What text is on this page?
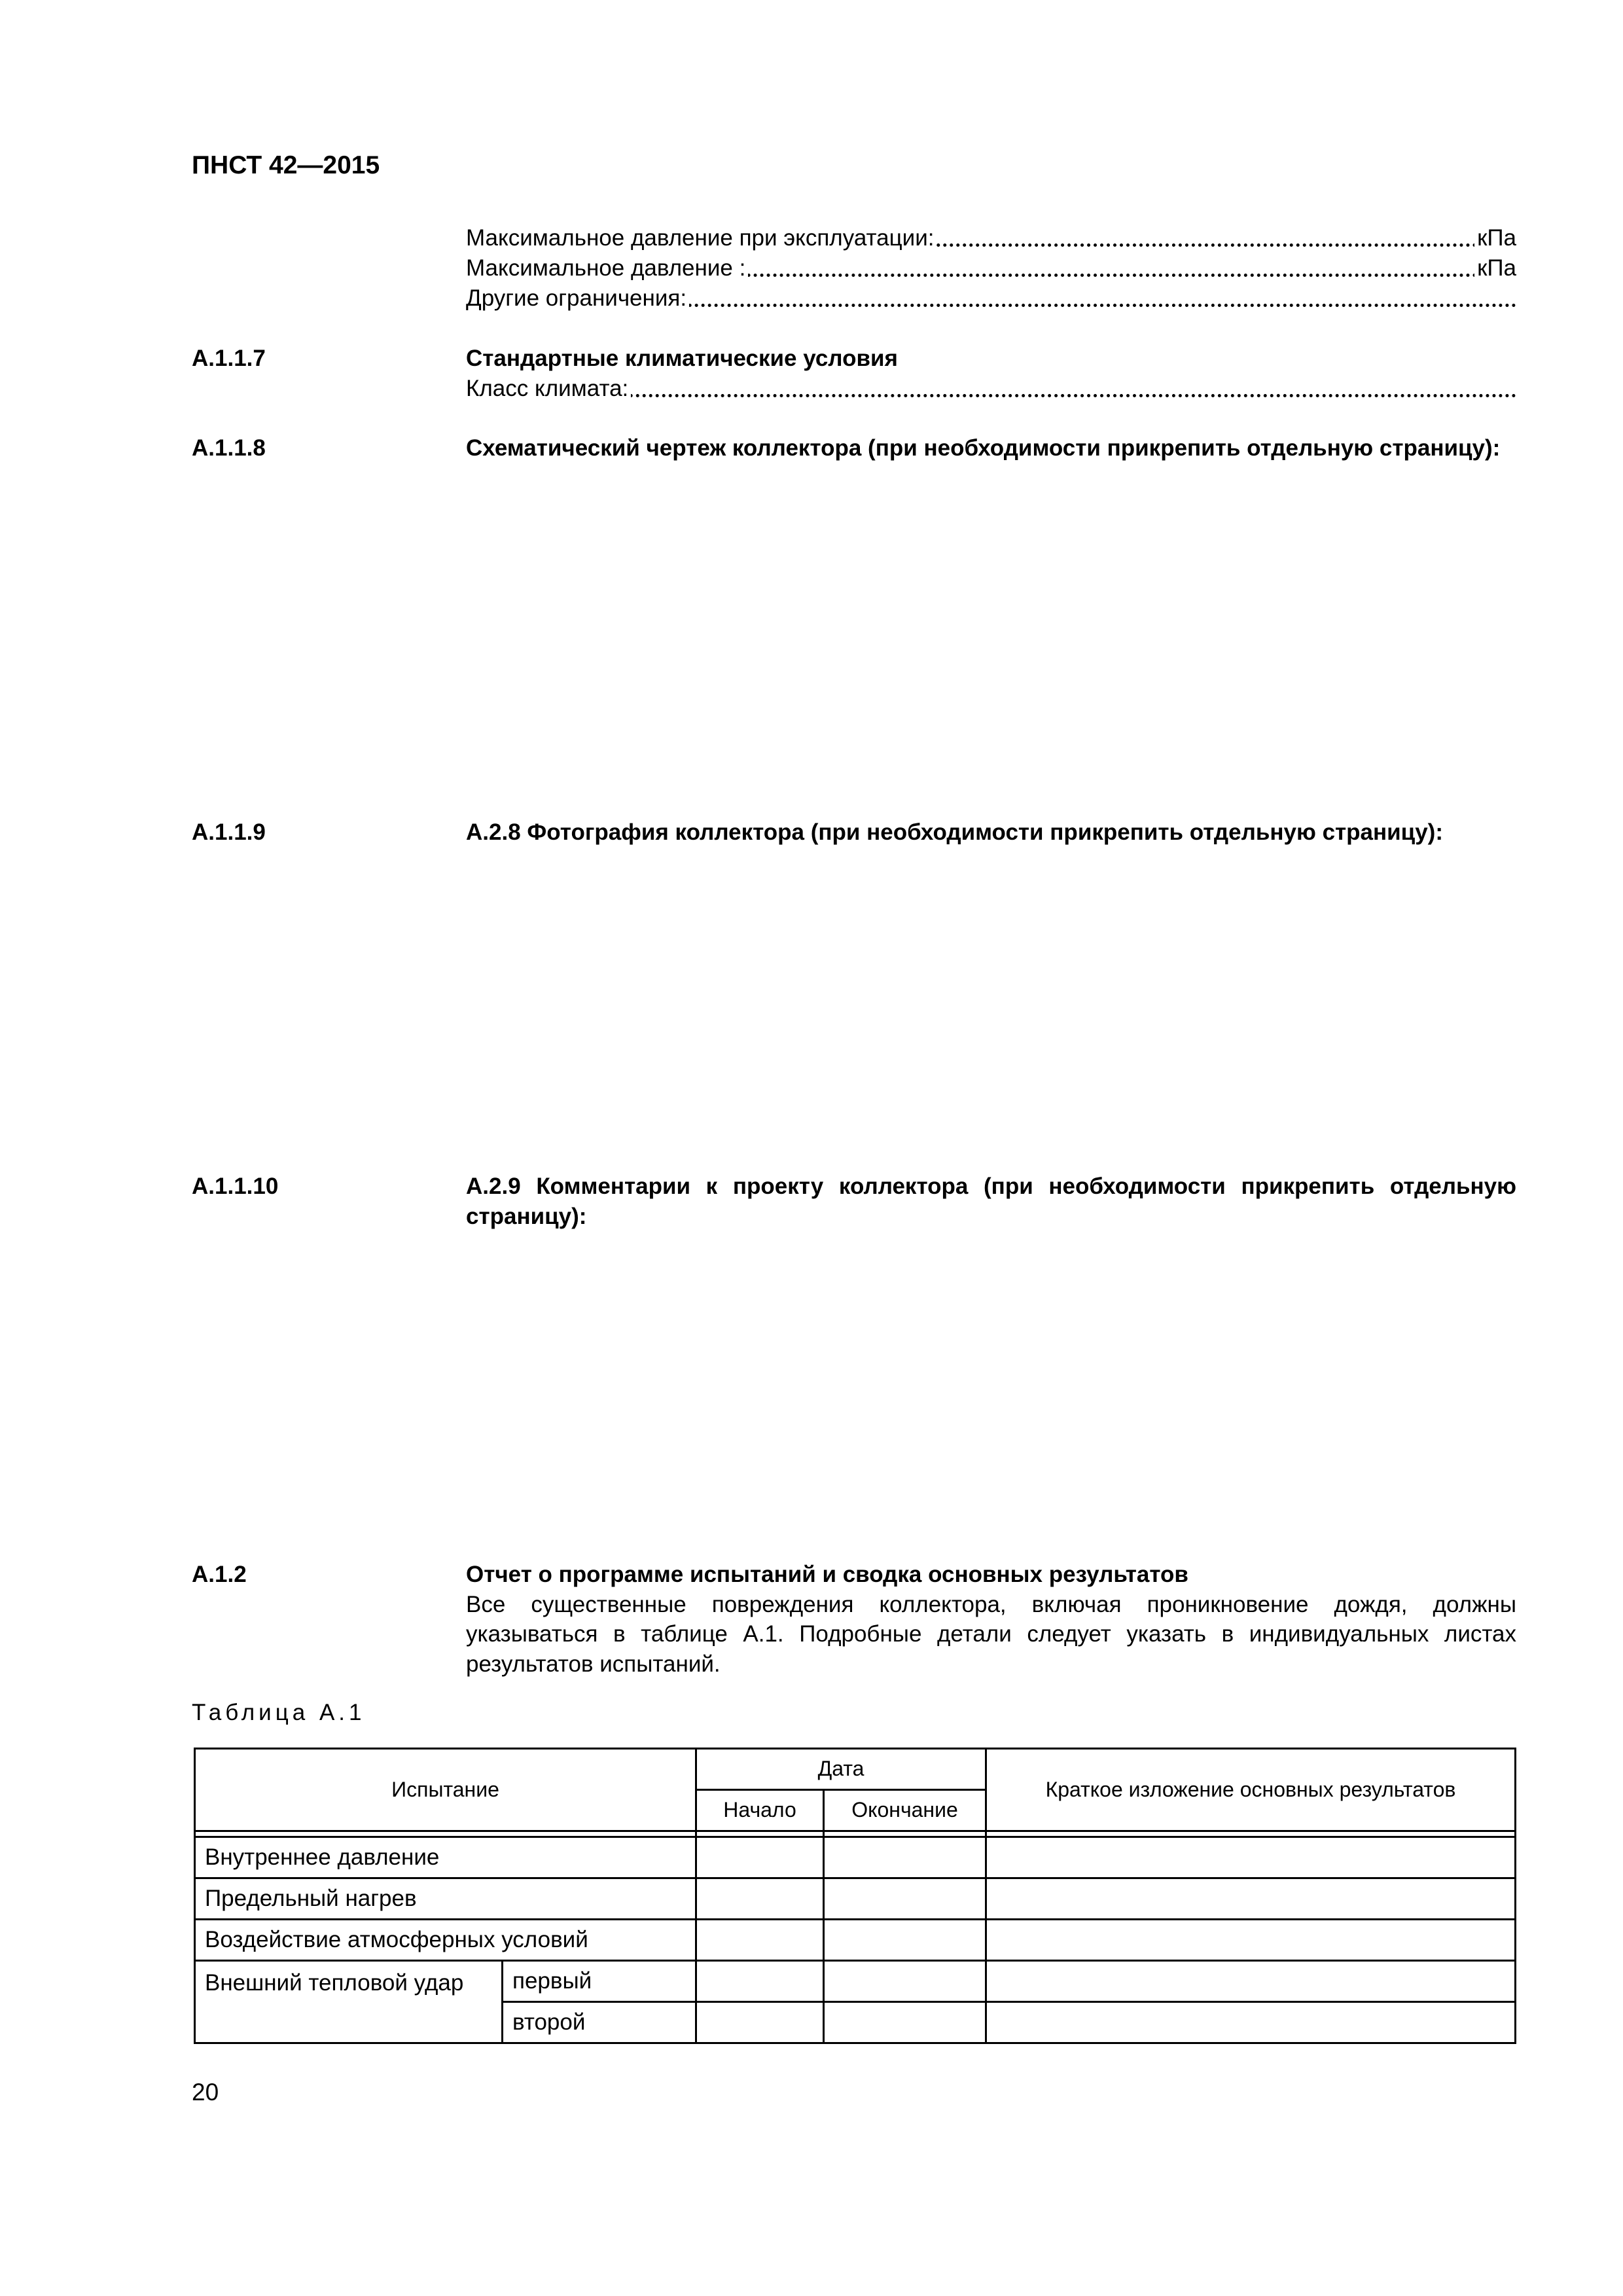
ПНСТ 42—2015
Максимальное давление при эксплуатации:	кПа
Максимальное давление :	кПа
Другие ограничения:
А.1.1.7	Стандартные климатические условия
Класс климата:
А.1.1.8	Схематический чертеж коллектора (при необходимости прикрепить отдельную страницу):
А.1.1.9	А.2.8 Фотография коллектора (при необходимости прикрепить отдельную страницу):
А.1.1.10	А.2.9 Комментарии к проекту коллектора (при необходимости прикрепить отдельную страницу):
А.1.2	Отчет о программе испытаний и сводка основных результатов
Все существенные повреждения коллектора, включая проникновение дождя, должны указываться в таблице А.1. Подробные детали следует указать в индивидуальных листах результатов испытаний.
Таблица А.1
Испытание		Дата		Краткое изложение основных результатов
		Начало	Окончание	

Внутреннее давление				
Предельный нагрев				
Воздействие атмосферных условий				
Внешний тепловой удар	первый			
	второй			
20
